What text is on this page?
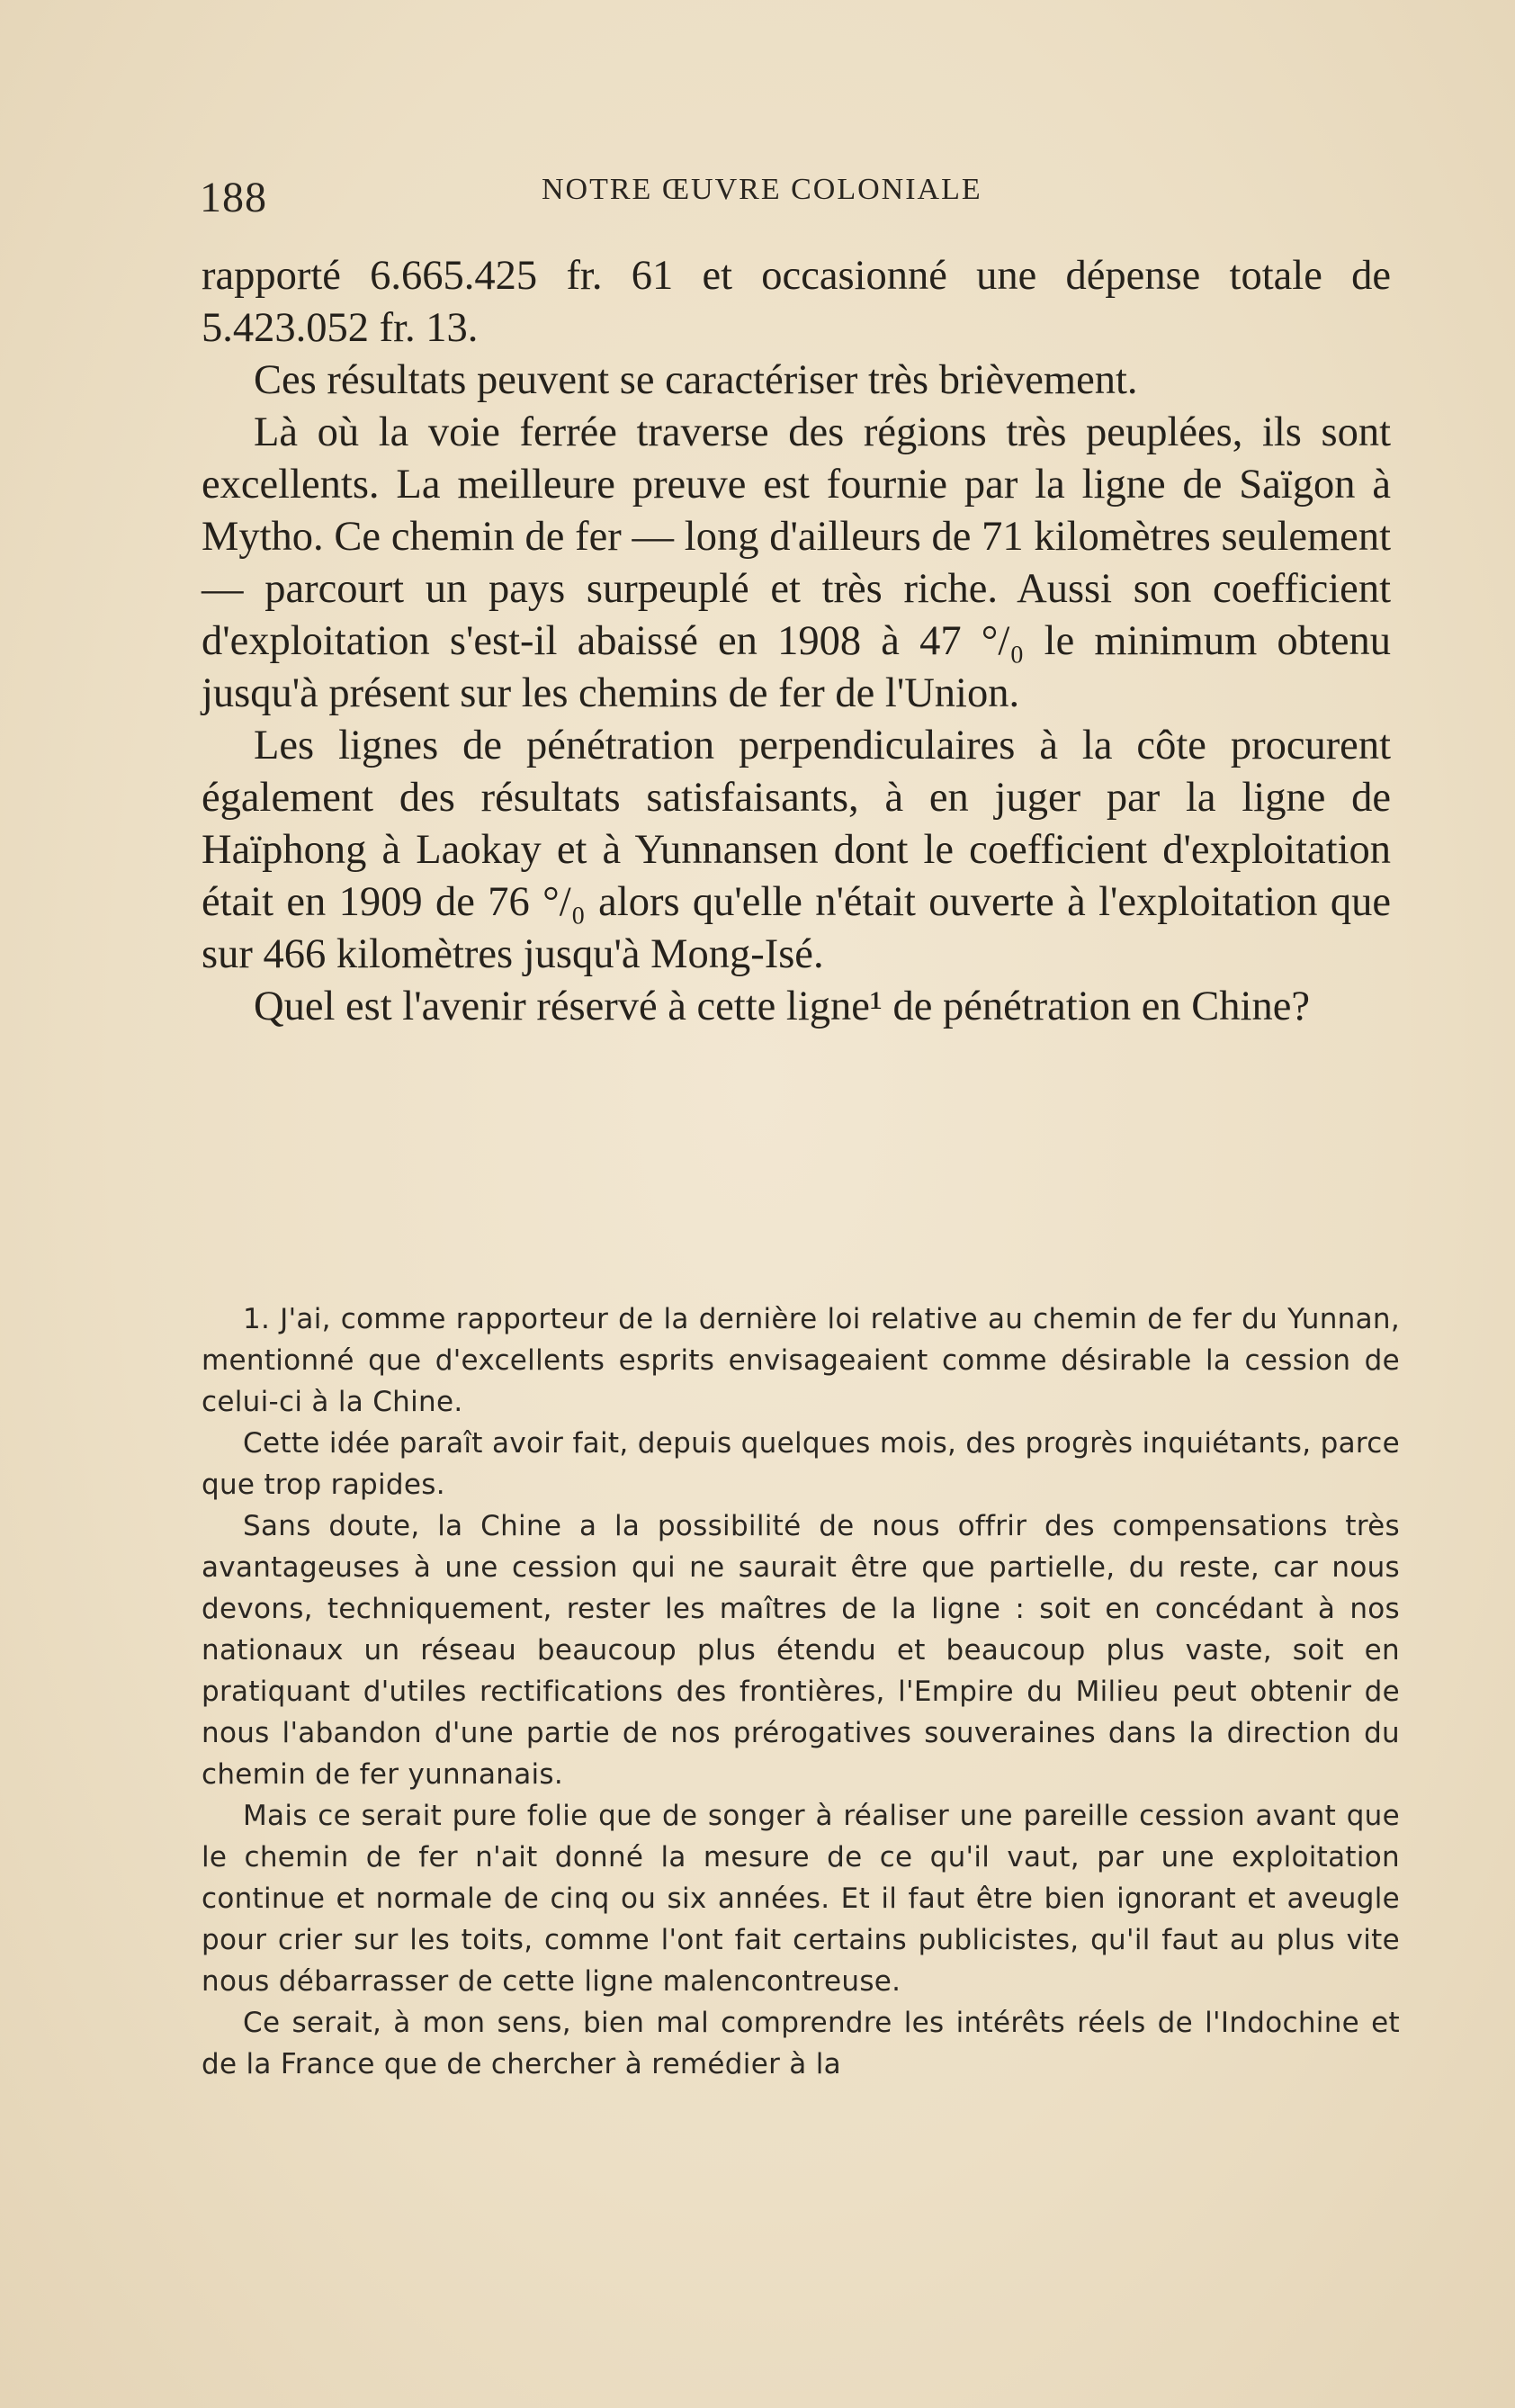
188	NOTRE ŒUVRE COLONIALE

rapporté 6.665.425 fr. 61 et occasionné une dépense totale de 5.423.052 fr. 13.

Ces résultats peuvent se caractériser très brièvement.

Là où la voie ferrée traverse des régions très peuplées, ils sont excellents. La meilleure preuve est fournie par la ligne de Saïgon à Mytho. Ce chemin de fer — long d'ailleurs de 71 kilomètres seulement — parcourt un pays surpeuplé et très riche. Aussi son coefficient d'exploitation s'est-il abaissé en 1908 à 47 °/₀ le minimum obtenu jusqu'à présent sur les chemins de fer de l'Union.

Les lignes de pénétration perpendiculaires à la côte procurent également des résultats satisfaisants, à en juger par la ligne de Haïphong à Laokay et à Yunnansen dont le coefficient d'exploitation était en 1909 de 76 °/₀ alors qu'elle n'était ouverte à l'exploitation que sur 466 kilomètres jusqu'à Mong-Isé.

Quel est l'avenir réservé à cette ligne¹ de pénétration en Chine?

1. J'ai, comme rapporteur de la dernière loi relative au chemin de fer du Yunnan, mentionné que d'excellents esprits envisageaient comme désirable la cession de celui-ci à la Chine.

Cette idée paraît avoir fait, depuis quelques mois, des progrès inquiétants, parce que trop rapides.

Sans doute, la Chine a la possibilité de nous offrir des compensations très avantageuses à une cession qui ne saurait être que partielle, du reste, car nous devons, techniquement, rester les maîtres de la ligne : soit en concédant à nos nationaux un réseau beaucoup plus étendu et beaucoup plus vaste, soit en pratiquant d'utiles rectifications des frontières, l'Empire du Milieu peut obtenir de nous l'abandon d'une partie de nos prérogatives souveraines dans la direction du chemin de fer yunnanais.

Mais ce serait pure folie que de songer à réaliser une pareille cession avant que le chemin de fer n'ait donné la mesure de ce qu'il vaut, par une exploitation continue et normale de cinq ou six années. Et il faut être bien ignorant et aveugle pour crier sur les toits, comme l'ont fait certains publicistes, qu'il faut au plus vite nous débarrasser de cette ligne malencontreuse.

Ce serait, à mon sens, bien mal comprendre les intérêts réels de l'Indochine et de la France que de chercher à remédier à la
